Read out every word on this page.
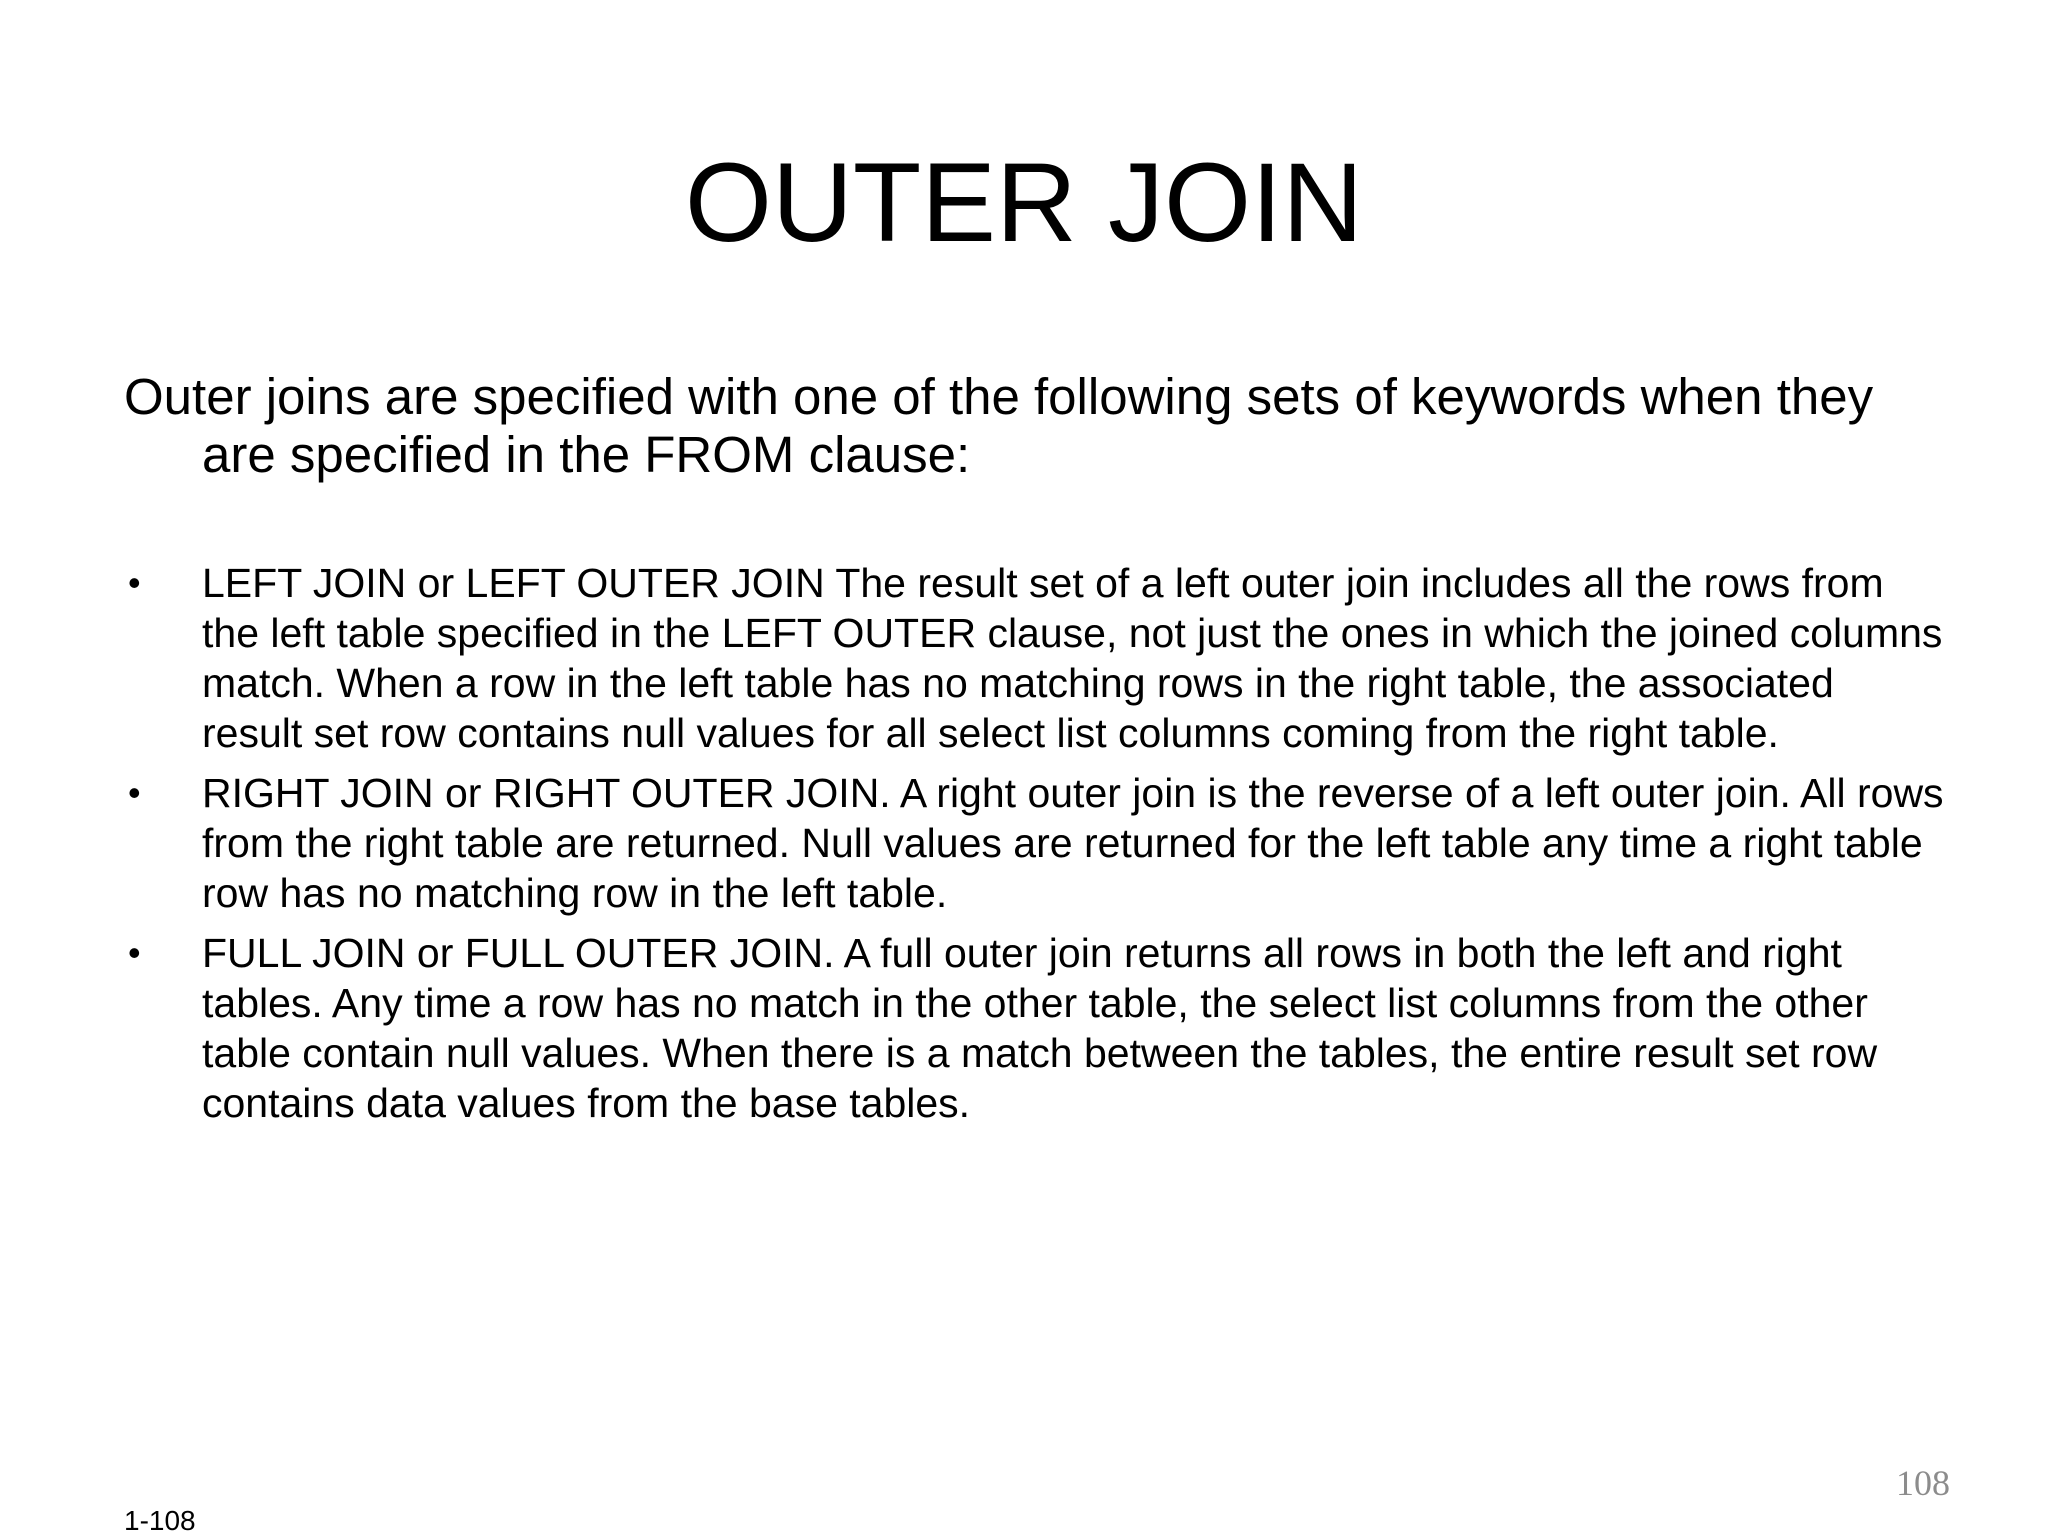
OUTER JOIN

Outer joins are specified with one of the following sets of keywords when they are specified in the FROM clause:

• LEFT JOIN or LEFT OUTER JOIN The result set of a left outer join includes all the rows from the left table specified in the LEFT OUTER clause, not just the ones in which the joined columns match. When a row in the left table has no matching rows in the right table, the associated result set row contains null values for all select list columns coming from the right table.
• RIGHT JOIN or RIGHT OUTER JOIN. A right outer join is the reverse of a left outer join. All rows from the right table are returned. Null values are returned for the left table any time a right table row has no matching row in the left table.
• FULL JOIN or FULL OUTER JOIN. A full outer join returns all rows in both the left and right tables. Any time a row has no match in the other table, the select list columns from the other table contain null values. When there is a match between the tables, the entire result set row contains data values from the base tables.
108
1-108
